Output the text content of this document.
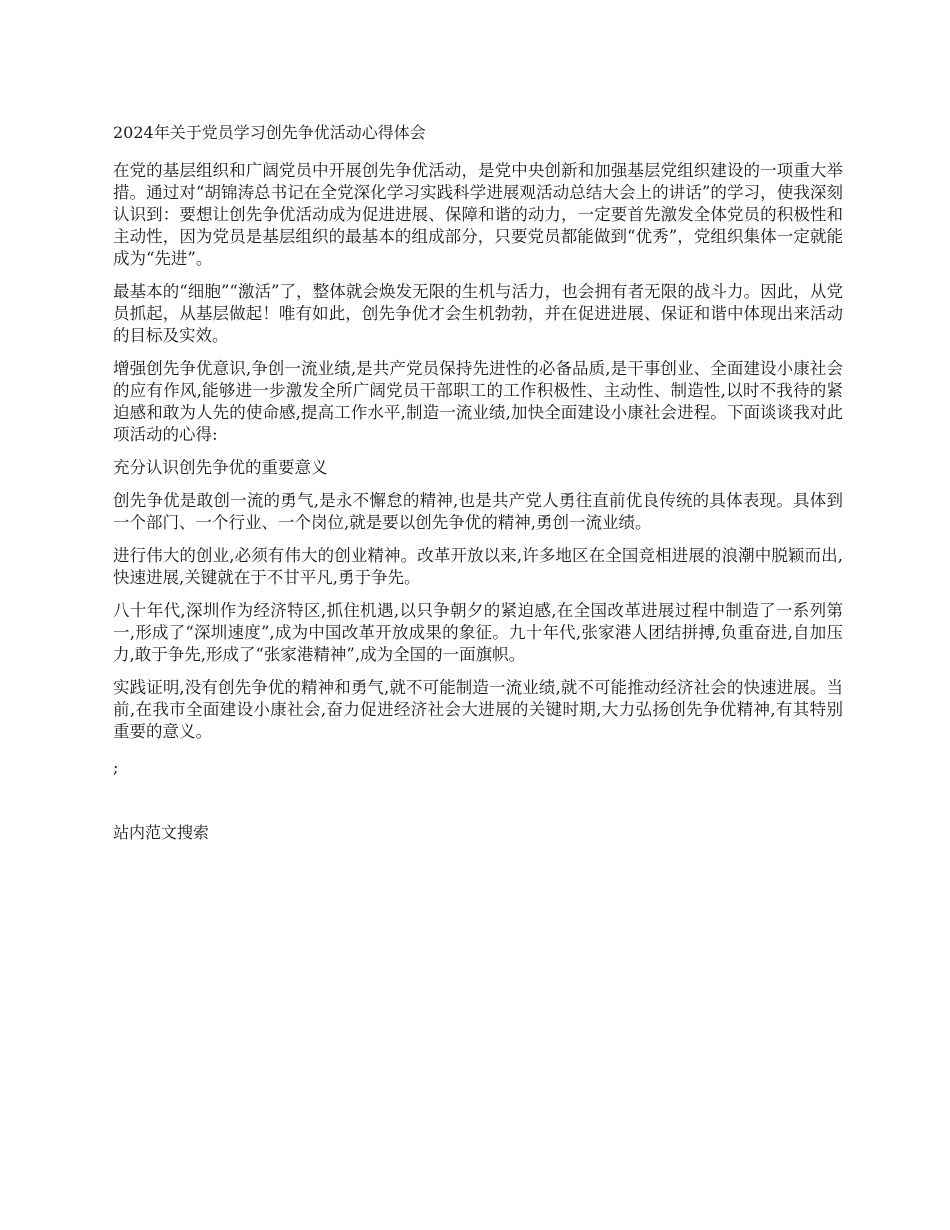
2024年关于党员学习创先争优活动心得体会

在党的基层组织和广阔党员中开展创先争优活动，是党中央创新和加强基层党组织建设的一项重大举措。通过对“胡锦涛总书记在全党深化学习实践科学进展观活动总结大会上的讲话”的学习，使我深刻认识到：要想让创先争优活动成为促进进展、保障和谐的动力，一定要首先激发全体党员的积极性和主动性，因为党员是基层组织的最基本的组成部分，只要党员都能做到“优秀”，党组织集体一定就能成为“先进”。

最基本的“细胞”“激活”了，整体就会焕发无限的生机与活力，也会拥有者无限的战斗力。因此，从党员抓起，从基层做起！唯有如此，创先争优才会生机勃勃，并在促进进展、保证和谐中体现出来活动的目标及实效。

增强创先争优意识,争创一流业绩,是共产党员保持先进性的必备品质,是干事创业、全面建设小康社会的应有作风,能够进一步激发全所广阔党员干部职工的工作积极性、主动性、制造性,以时不我待的紧迫感和敢为人先的使命感,提高工作水平,制造一流业绩,加快全面建设小康社会进程。下面谈谈我对此项活动的心得:

充分认识创先争优的重要意义

创先争优是敢创一流的勇气,是永不懈怠的精神,也是共产党人勇往直前优良传统的具体表现。具体到一个部门、一个行业、一个岗位,就是要以创先争优的精神,勇创一流业绩。

进行伟大的创业,必须有伟大的创业精神。改革开放以来,许多地区在全国竞相进展的浪潮中脱颖而出,快速进展,关键就在于不甘平凡,勇于争先。

八十年代,深圳作为经济特区,抓住机遇,以只争朝夕的紧迫感,在全国改革进展过程中制造了一系列第一,形成了“深圳速度”,成为中国改革开放成果的象征。九十年代,张家港人团结拼搏,负重奋进,自加压力,敢于争先,形成了“张家港精神”,成为全国的一面旗帜。

实践证明,没有创先争优的精神和勇气,就不可能制造一流业绩,就不可能推动经济社会的快速进展。当前,在我市全面建设小康社会,奋力促进经济社会大进展的关键时期,大力弘扬创先争优精神,有其特别重要的意义。

;
站内范文搜索
